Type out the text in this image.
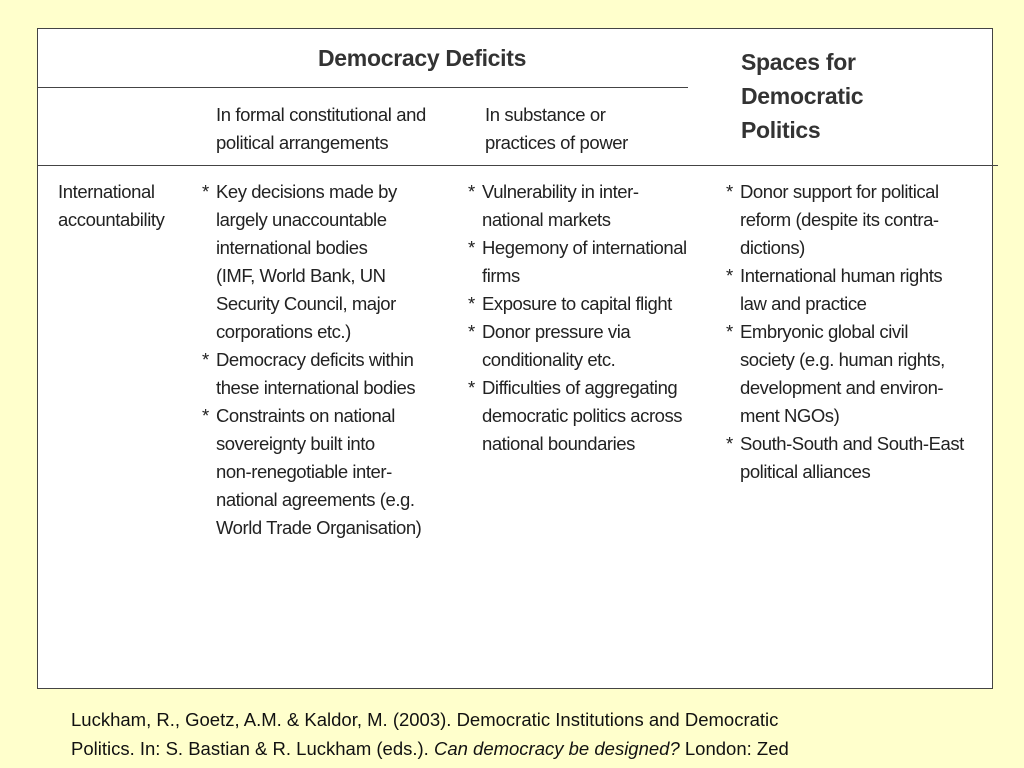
Democracy Deficits	Spaces for
Democratic
Politics
In formal constitutional and
political arrangements
In substance or
practices of power
International
accountability
* Key decisions made by
largely unaccountable
international bodies
(IMF, World Bank, UN
Security Council, major
corporations etc.)
* Democracy deficits within
these international bodies
* Constraints on national
sovereignty built into
non-renegotiable inter-
national agreements (e.g.
World Trade Organisation)
* Vulnerability in inter-
national markets
* Hegemony of international
firms
* Exposure to capital flight
* Donor pressure via
conditionality etc.
* Difficulties of aggregating
democratic politics across
national boundaries
* Donor support for political
reform (despite its contra-
dictions)
* International human rights
law and practice
* Embryonic global civil
society (e.g. human rights,
development and environ-
ment NGOs)
* South-South and South-East
political alliances
Luckham, R., Goetz, A.M. & Kaldor, M. (2003). Democratic Institutions and Democratic
Politics. In: S. Bastian & R. Luckham (eds.). Can democracy be designed? London: Zed
